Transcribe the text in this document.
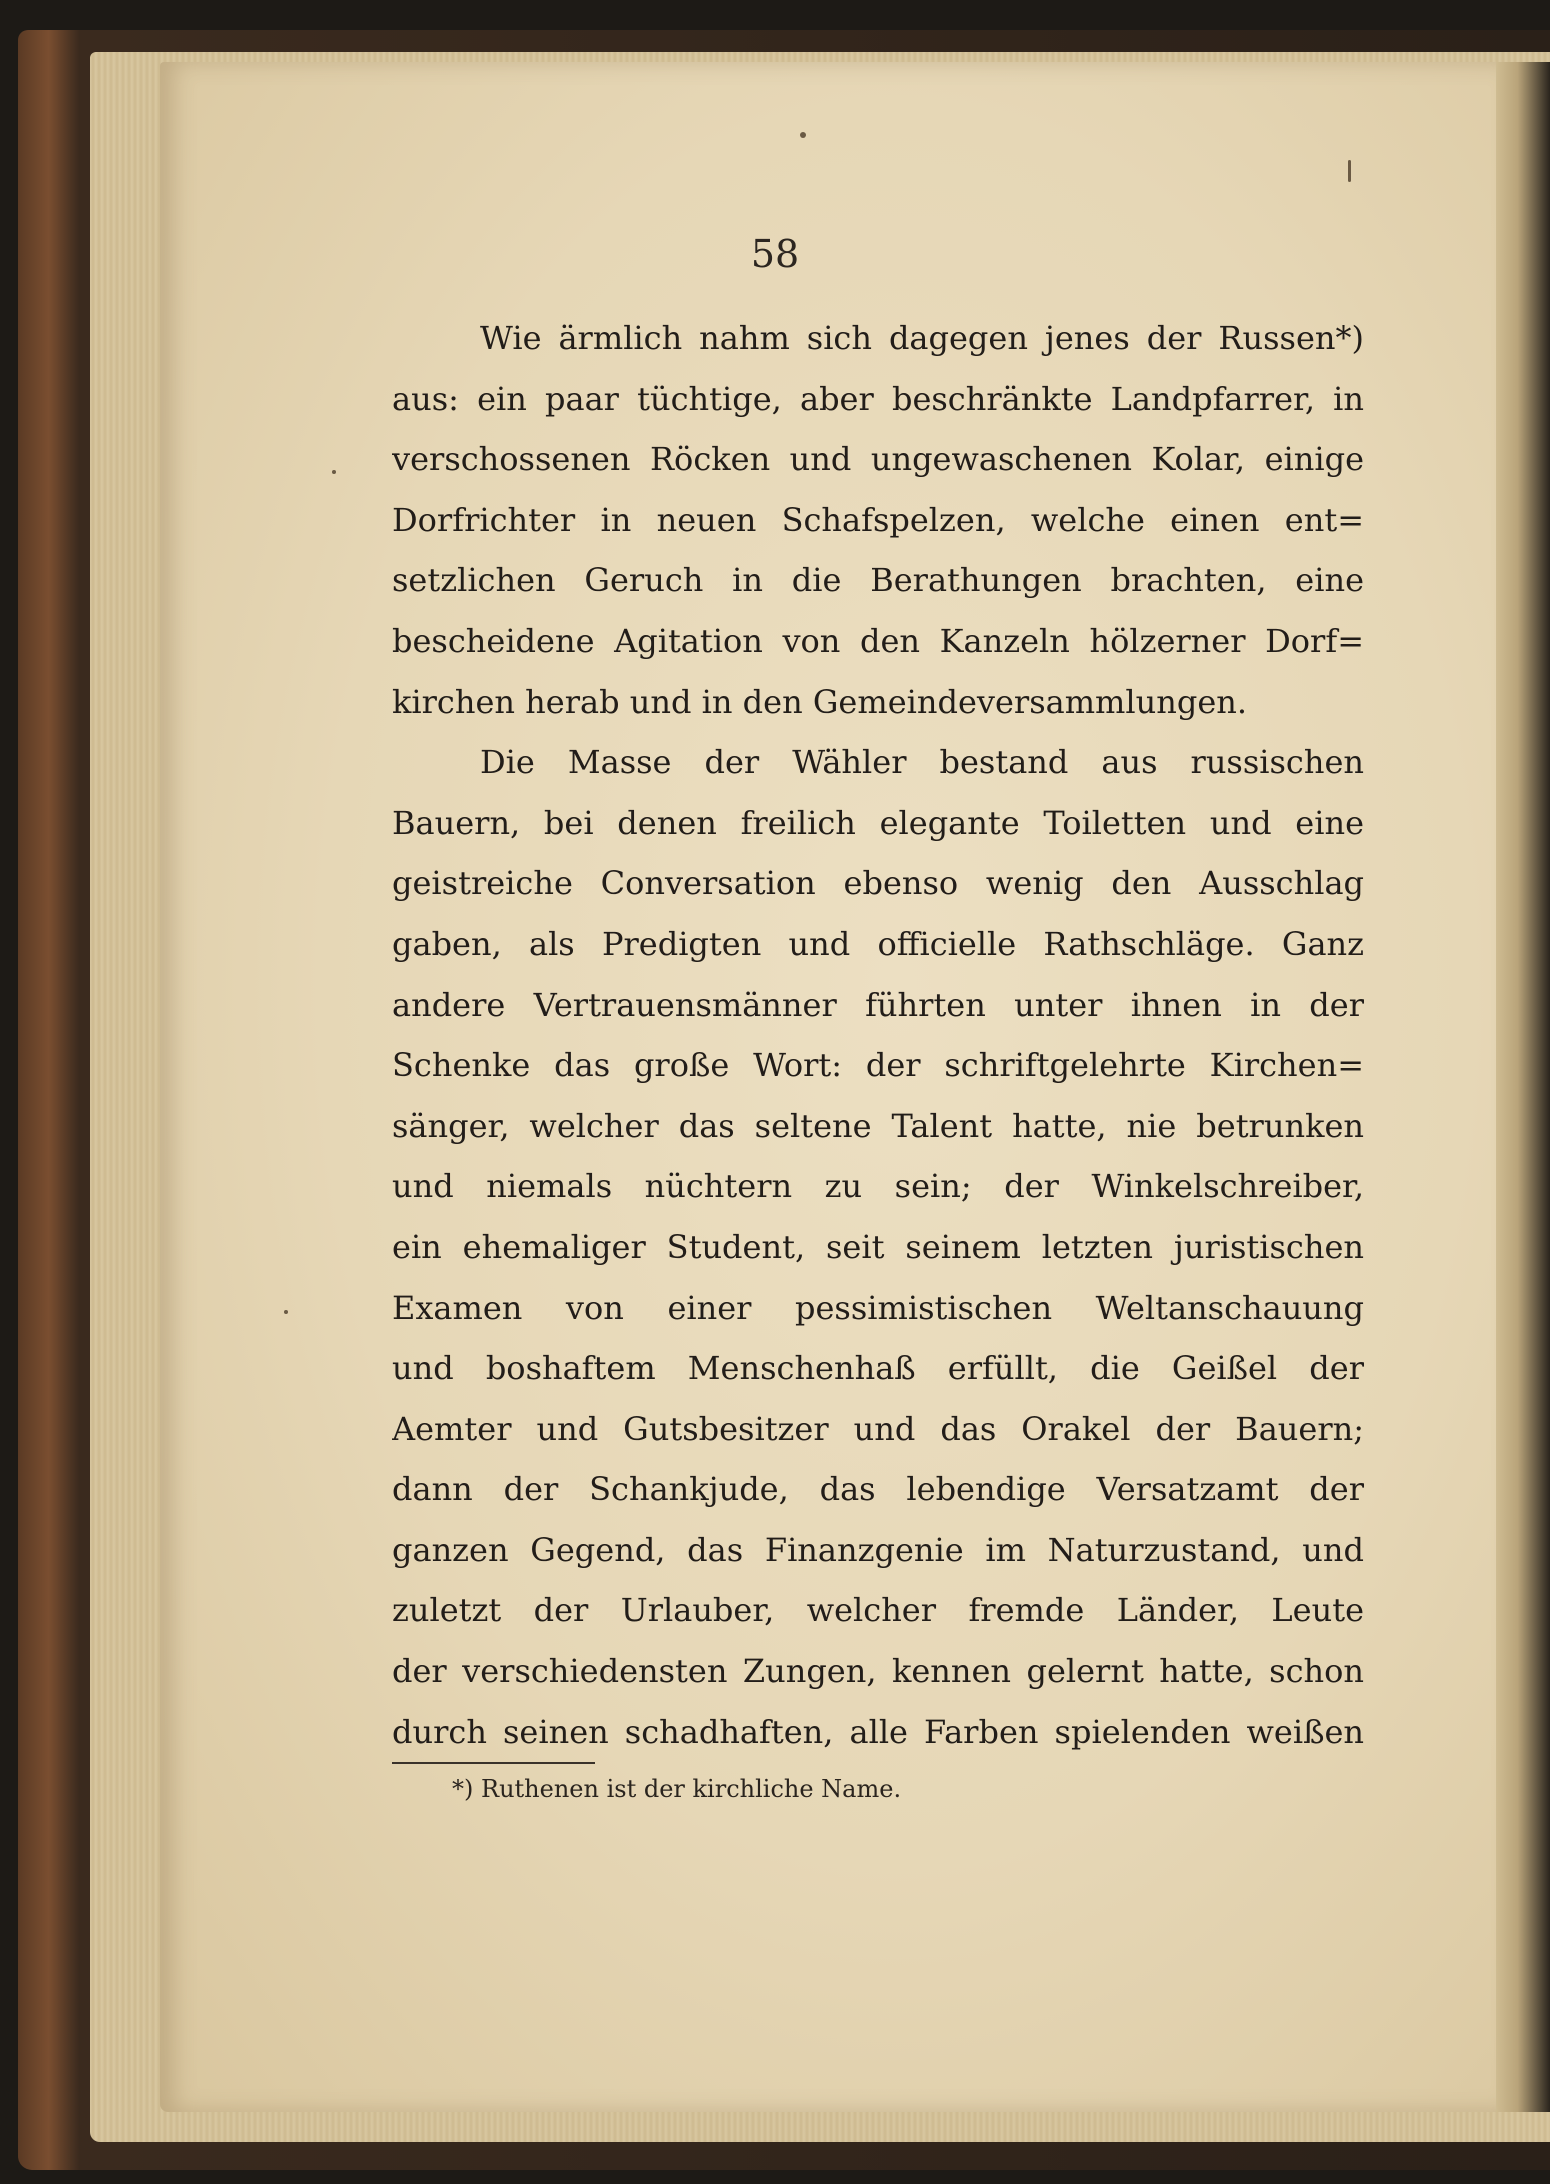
58
Wie ärmlich nahm sich dagegen jenes der Russen*)
aus: ein paar tüchtige, aber beschränkte Landpfarrer, in
verschossenen Röcken und ungewaschenen Kolar, einige
Dorfrichter in neuen Schafspelzen, welche einen ent=
setzlichen Geruch in die Berathungen brachten, eine
bescheidene Agitation von den Kanzeln hölzerner Dorf=
kirchen herab und in den Gemeindeversammlungen.
Die Masse der Wähler bestand aus russischen
Bauern, bei denen freilich elegante Toiletten und eine
geistreiche Conversation ebenso wenig den Ausschlag
gaben, als Predigten und officielle Rathschläge. Ganz
andere Vertrauensmänner führten unter ihnen in der
Schenke das große Wort: der schriftgelehrte Kirchen=
sänger, welcher das seltene Talent hatte, nie betrunken
und niemals nüchtern zu sein; der Winkelschreiber,
ein ehemaliger Student, seit seinem letzten juristischen
Examen von einer pessimistischen Weltanschauung
und boshaftem Menschenhaß erfüllt, die Geißel der
Aemter und Gutsbesitzer und das Orakel der Bauern;
dann der Schankjude, das lebendige Versatzamt der
ganzen Gegend, das Finanzgenie im Naturzustand, und
zuletzt der Urlauber, welcher fremde Länder, Leute
der verschiedensten Zungen, kennen gelernt hatte, schon
durch seinen schadhaften, alle Farben spielenden weißen
*) Ruthenen ist der kirchliche Name.
